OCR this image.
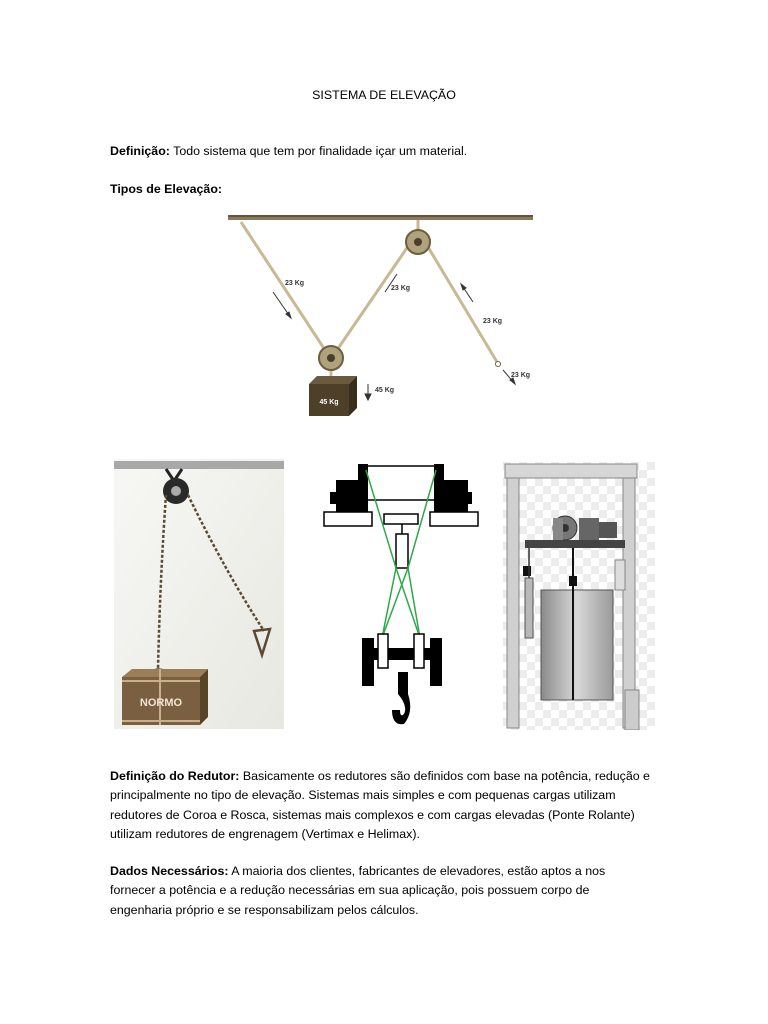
SISTEMA DE ELEVAÇÃO
Definição: Todo sistema que tem por finalidade içar um material.
Tipos de Elevação:
45 Kg
23 Kg
23 Kg
23 Kg
23 Kg
45 Kg
NORMO
Definição do Redutor: Basicamente os redutores são definidos com base na potência, redução e principalmente no tipo de elevação. Sistemas mais simples e com pequenas cargas utilizam redutores de Coroa e Rosca, sistemas mais complexos e com cargas elevadas (Ponte Rolante) utilizam redutores de engrenagem (Vertimax e Helimax).
Dados Necessários: A maioria dos clientes, fabricantes de elevadores, estão aptos a nos fornecer a potência e a redução necessárias em sua aplicação, pois possuem corpo de engenharia próprio e se responsabilizam pelos cálculos.
